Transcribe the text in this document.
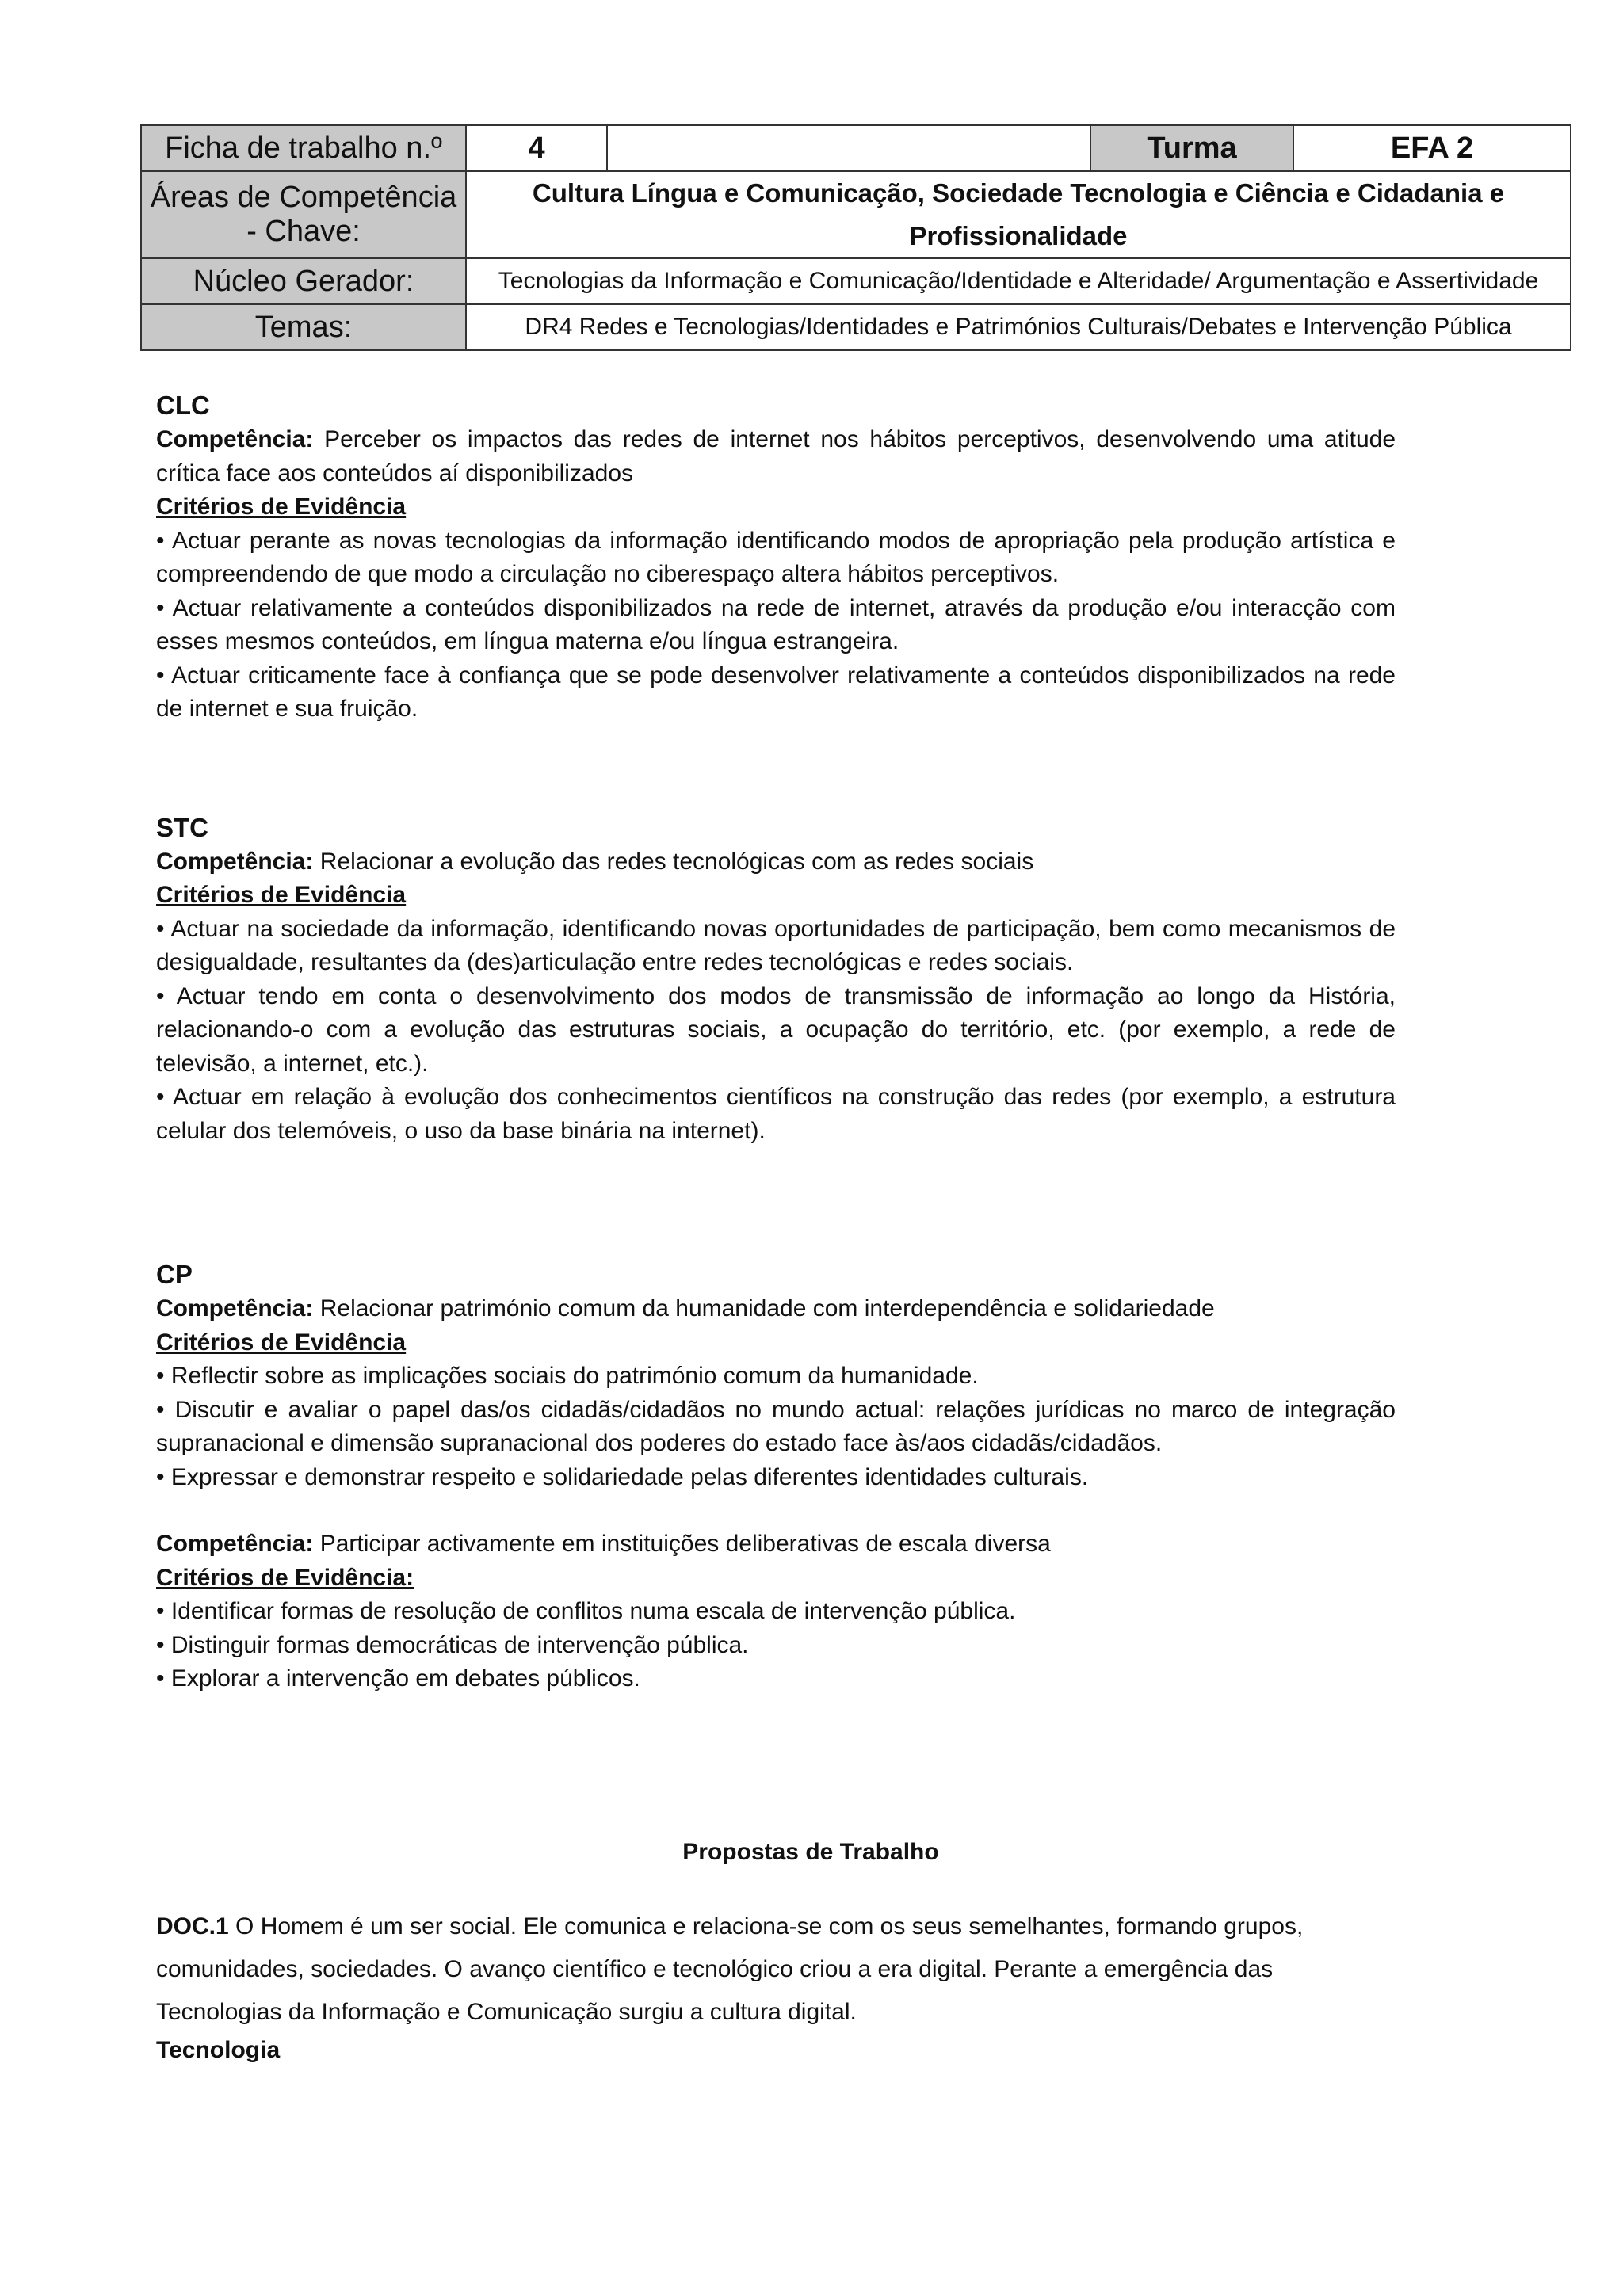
Ficha de trabalho n.º	4		Turma	EFA 2
Áreas de Competência - Chave:	Cultura Língua e Comunicação, Sociedade Tecnologia e Ciência e Cidadania e Profissionalidade			
Núcleo Gerador:	Tecnologias da Informação e Comunicação/Identidade e Alteridade/ Argumentação e Assertividade			
Temas:	DR4 Redes e Tecnologias/Identidades e Patrimónios Culturais/Debates e Intervenção Pública			
CLC
Competência: Perceber os impactos das redes de internet nos hábitos perceptivos, desenvolvendo uma atitude crítica face aos conteúdos aí disponibilizados
Critérios de Evidência
• Actuar perante as novas tecnologias da informação identificando modos de apropriação pela produção artística e compreendendo de que modo a circulação no ciberespaço altera hábitos perceptivos.
• Actuar relativamente a conteúdos disponibilizados na rede de internet, através da produção e/ou interacção com esses mesmos conteúdos, em língua materna e/ou língua estrangeira.
• Actuar criticamente face à confiança que se pode desenvolver relativamente a conteúdos disponibilizados na rede de internet e sua fruição.
STC
Competência: Relacionar a evolução das redes tecnológicas com as redes sociais
Critérios de Evidência
• Actuar na sociedade da informação, identificando novas oportunidades de participação, bem como mecanismos de desigualdade, resultantes da (des)articulação entre redes tecnológicas e redes sociais.
• Actuar tendo em conta o desenvolvimento dos modos de transmissão de informação ao longo da História, relacionando-o com a evolução das estruturas sociais, a ocupação do território, etc. (por exemplo, a rede de televisão, a internet, etc.).
• Actuar em relação à evolução dos conhecimentos científicos na construção das redes (por exemplo, a estrutura celular dos telemóveis, o uso da base binária na internet).
CP
Competência: Relacionar património comum da humanidade com interdependência e solidariedade
Critérios de Evidência
• Reflectir sobre as implicações sociais do património comum da humanidade.
• Discutir e avaliar o papel das/os cidadãs/cidadãos no mundo actual: relações jurídicas no marco de integração supranacional e dimensão supranacional dos poderes do estado face às/aos cidadãs/cidadãos.
• Expressar e demonstrar respeito e solidariedade pelas diferentes identidades culturais.
Competência: Participar activamente em instituições deliberativas de escala diversa
Critérios de Evidência:
• Identificar formas de resolução de conflitos numa escala de intervenção pública.
• Distinguir formas democráticas de intervenção pública.
• Explorar a intervenção em debates públicos.
Propostas de Trabalho
DOC.1 O Homem é um ser social. Ele comunica e relaciona-se com os seus semelhantes, formando grupos, comunidades, sociedades. O avanço científico e tecnológico criou a era digital. Perante a emergência das Tecnologias da Informação e Comunicação surgiu a cultura digital.
Tecnologia
